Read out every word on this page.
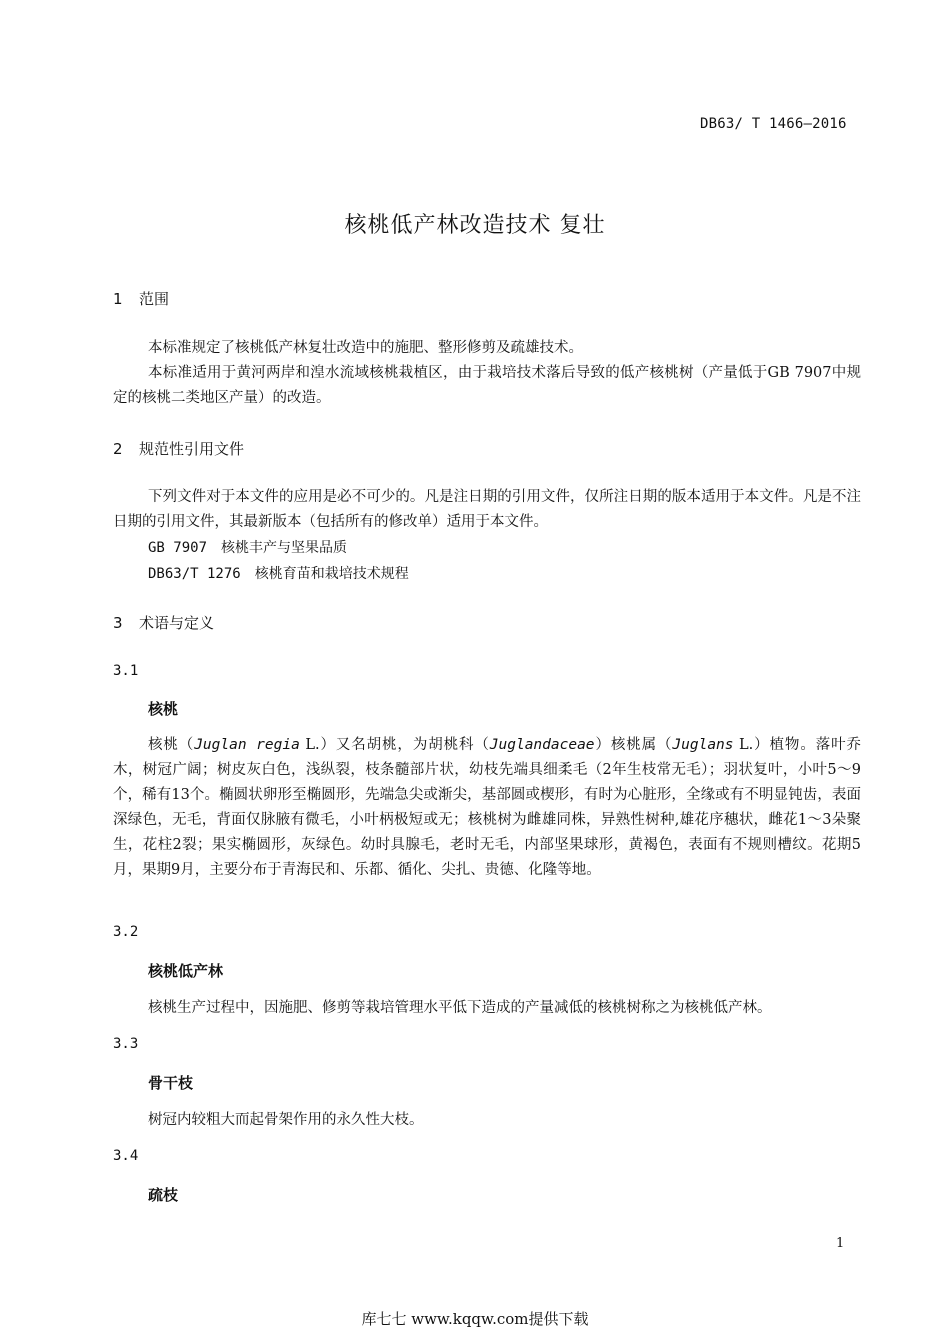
DB63/ T 1466—2016
核桃低产林改造技术 复壮
1 范围
本标准规定了核桃低产林复壮改造中的施肥、整形修剪及疏雄技术。
本标准适用于黄河两岸和湟水流域核桃栽植区，由于栽培技术落后导致的低产核桃树（产量低于GB 7907中规定的核桃二类地区产量）的改造。
2 规范性引用文件
下列文件对于本文件的应用是必不可少的。凡是注日期的引用文件，仅所注日期的版本适用于本文件。凡是不注日期的引用文件，其最新版本（包括所有的修改单）适用于本文件。
GB 7907 核桃丰产与坚果品质
DB63/T 1276 核桃育苗和栽培技术规程
3 术语与定义
3.1
核桃
核桃（Juglan regia L.）又名胡桃，为胡桃科（Juglandaceae）核桃属（Juglans L.）植物。落叶乔木，树冠广阔；树皮灰白色，浅纵裂，枝条髓部片状，幼枝先端具细柔毛（2年生枝常无毛）；羽状复叶，小叶5～9个，稀有13个。椭圆状卵形至椭圆形，先端急尖或渐尖，基部圆或楔形，有时为心脏形，全缘或有不明显钝齿，表面深绿色，无毛，背面仅脉腋有微毛，小叶柄极短或无；核桃树为雌雄同株，异熟性树种,雄花序穗状，雌花1～3朵聚生，花柱2裂；果实椭圆形，灰绿色。幼时具腺毛，老时无毛，内部坚果球形，黄褐色，表面有不规则槽纹。花期5月，果期9月，主要分布于青海民和、乐都、循化、尖扎、贵德、化隆等地。
3.2
核桃低产林
核桃生产过程中，因施肥、修剪等栽培管理水平低下造成的产量减低的核桃树称之为核桃低产林。
3.3
骨干枝
树冠内较粗大而起骨架作用的永久性大枝。
3.4
疏枝
1
库七七 www.kqqw.com提供下载
